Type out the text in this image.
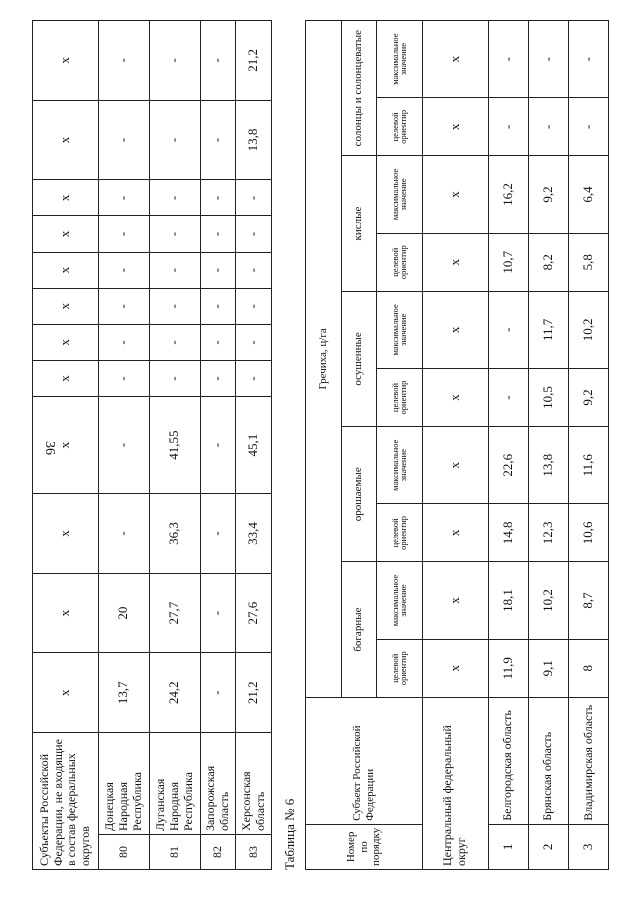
36
Субъекты Российской Федерации, не входящие в состав федеральных округов		х	х	х	х	х	х	х	х	х	х	х	х
80	Донецкая Народная Республика	13,7	20	-	-	-	-	-	-	-	-	-	-
81	Луганская Народная Республика	24,2	27,7	36,3	41,55	-	-	-	-	-	-	-	-
82	Запорожская область	-	-	-	-	-	-	-	-	-	-	-	-
83	Херсонская область	21,2	27,6	33,4	45,1	-	-	-	-	-	-	13,8	21,2
Таблица № 6	Номер по порядку	Субъект Российской Федерации	Гречиха, ц/га									
		богарные		орошаемые		осушенные		кислые		солонцы и солонцеватые	
		целевой ориентир	максимальное значение	целевой ориентир	максимальное значение	целевой ориентир	максимальное значение	целевой ориентир	максимальное значение	целевой ориентир	максимальное значение
Центральный федеральный округ		х	х	х	х	х	х	х	х	х	х
1	Белгородская область	11,9	18,1	14,8	22,6	-	-	10,7	16,2	-	-
2	Брянская область	9,1	10,2	12,3	13,8	10,5	11,7	8,2	9,2	-	-
3	Владимирская область	8	8,7	10,6	11,6	9,2	10,2	5,8	6,4	-	-
